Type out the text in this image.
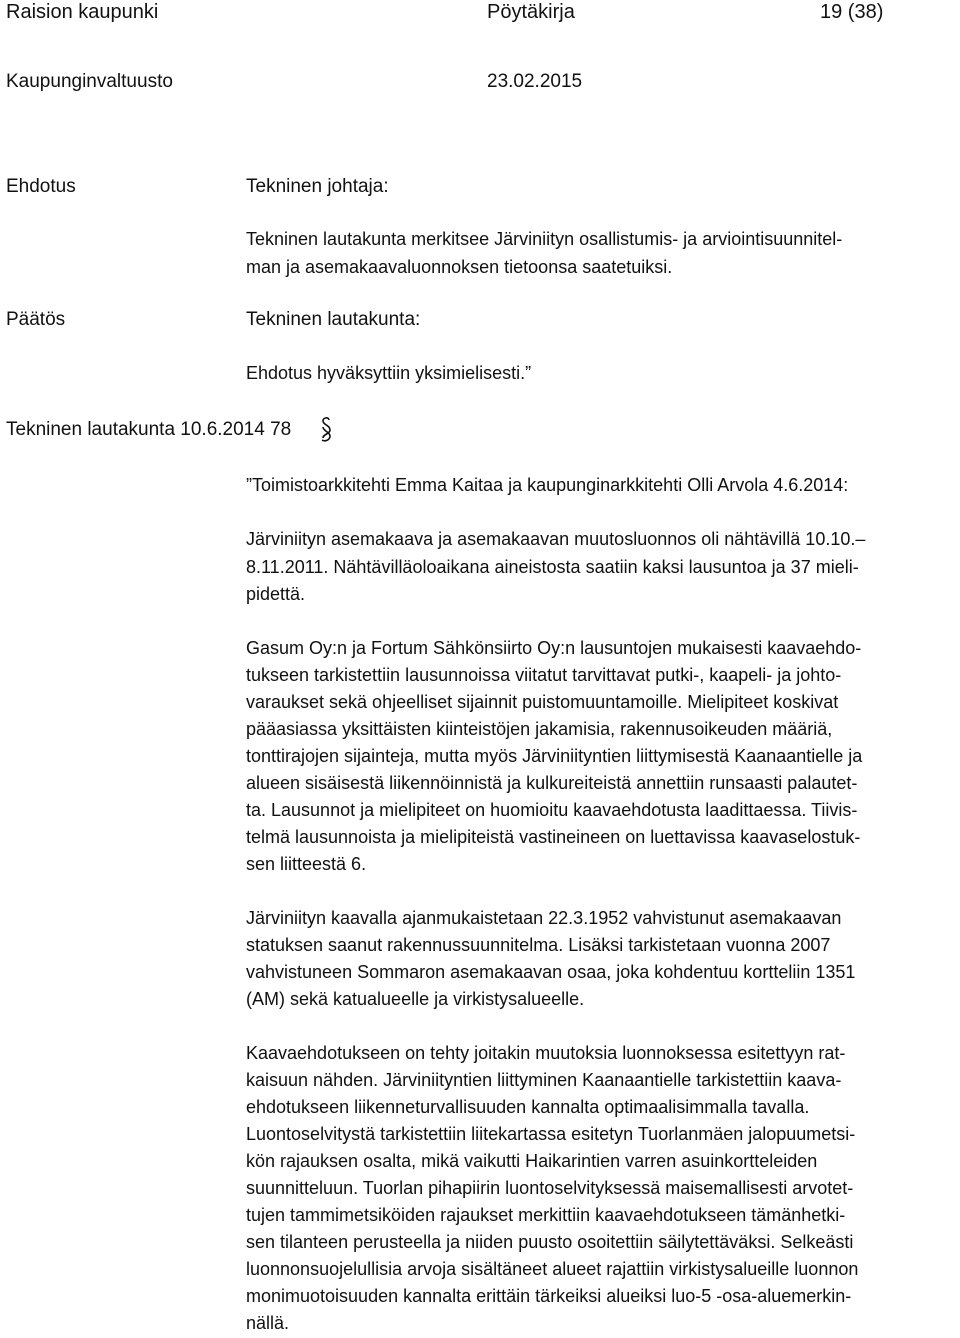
Raision kaupunki	Pöytäkirja	19 (38)
Kaupunginvaltuusto	23.02.2015
Ehdotus	Tekninen johtaja:
Tekninen lautakunta merkitsee Järviniityn osallistumis- ja arviointisuunnitel-
man ja asemakaavaluonnoksen tietoonsa saatetuiksi.
Päätös	Tekninen lautakunta:
Ehdotus hyväksyttiin yksimielisesti.”
Tekninen lautakunta 10.6.2014 78
”Toimistoarkkitehti Emma Kaitaa ja kaupunginarkkitehti Olli Arvola 4.6.2014:
Järviniityn asemakaava ja asemakaavan muutosluonnos oli nähtävillä 10.10.–
8.11.2011. Nähtävilläoloaikana aineistosta saatiin kaksi lausuntoa ja 37 mieli-
pidettä.
Gasum Oy:n ja Fortum Sähkönsiirto Oy:n lausuntojen mukaisesti kaavaehdo-
tukseen tarkistettiin lausunnoissa viitatut tarvittavat putki-, kaapeli- ja johto-
varaukset sekä ohjeelliset sijainnit puistomuuntamoille. Mielipiteet koskivat
pääasiassa yksittäisten kiinteistöjen jakamisia, rakennusoikeuden määriä,
tonttirajojen sijainteja, mutta myös Järviniityntien liittymisestä Kaanaantielle ja
alueen sisäisestä liikennöinnistä ja kulkureiteistä annettiin runsaasti palautet-
ta. Lausunnot ja mielipiteet on huomioitu kaavaehdotusta laadittaessa. Tiivis-
telmä lausunnoista ja mielipiteistä vastineineen on luettavissa kaavaselostuk-
sen liitteestä 6.
Järviniityn kaavalla ajanmukaistetaan 22.3.1952 vahvistunut asemakaavan
statuksen saanut rakennussuunnitelma. Lisäksi tarkistetaan vuonna 2007
vahvistuneen Sommaron asemakaavan osaa, joka kohdentuu kortteliin 1351
(AM) sekä katualueelle ja virkistysalueelle.
Kaavaehdotukseen on tehty joitakin muutoksia luonnoksessa esitettyyn rat-
kaisuun nähden. Järviniityntien liittyminen Kaanaantielle tarkistettiin kaava-
ehdotukseen liikenneturvallisuuden kannalta optimaalisimmalla tavalla.
Luontoselvitystä tarkistettiin liitekartassa esitetyn Tuorlanmäen jalopuumetsi-
kön rajauksen osalta, mikä vaikutti Haikarintien varren asuinkortteleiden
suunnitteluun. Tuorlan pihapiirin luontoselvityksessä maisemallisesti arvotet-
tujen tammimetsiköiden rajaukset merkittiin kaavaehdotukseen tämänhetki-
sen tilanteen perusteella ja niiden puusto osoitettiin säilytettäväksi. Selkeästi
luonnonsuojelullisia arvoja sisältäneet alueet rajattiin virkistysalueille luonnon
monimuotoisuuden kannalta erittäin tärkeiksi alueiksi luo-5 -osa-aluemerkin-
nällä.
